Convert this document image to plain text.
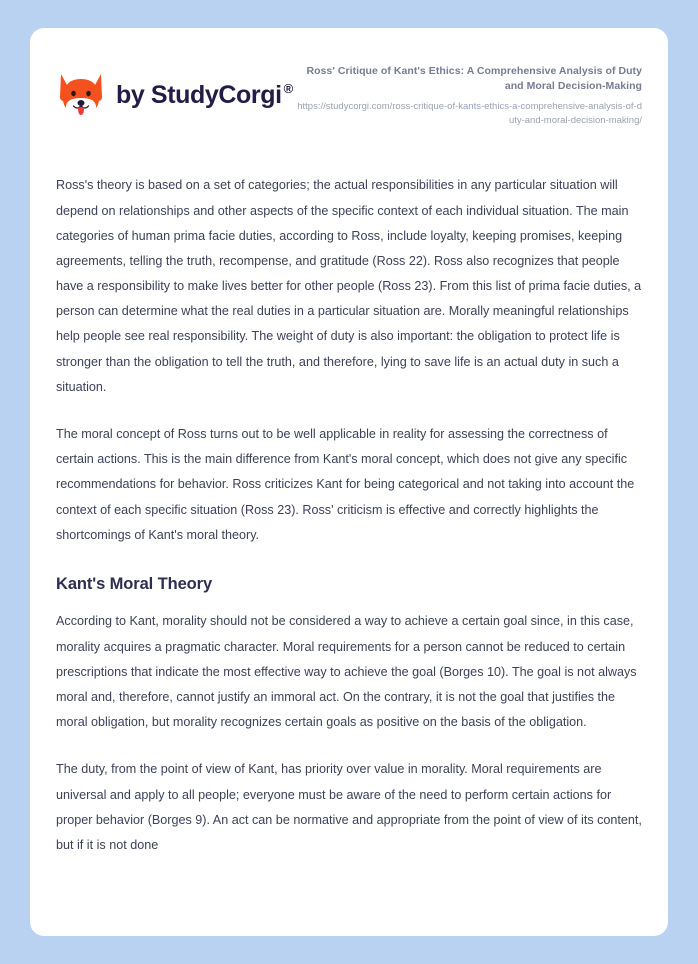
by StudyCorgi ®
Ross' Critique of Kant's Ethics: A Comprehensive Analysis of Duty and Moral Decision-Making
https://studycorgi.com/ross-critique-of-kants-ethics-a-comprehensive-analysis-of-duty-and-moral-decision-making/

Ross's theory is based on a set of categories; the actual responsibilities in any particular situation will depend on relationships and other aspects of the specific context of each individual situation. The main categories of human prima facie duties, according to Ross, include loyalty, keeping promises, keeping agreements, telling the truth, recompense, and gratitude (Ross 22). Ross also recognizes that people have a responsibility to make lives better for other people (Ross 23). From this list of prima facie duties, a person can determine what the real duties in a particular situation are. Morally meaningful relationships help people see real responsibility. The weight of duty is also important: the obligation to protect life is stronger than the obligation to tell the truth, and therefore, lying to save life is an actual duty in such a situation.

The moral concept of Ross turns out to be well applicable in reality for assessing the correctness of certain actions. This is the main difference from Kant's moral concept, which does not give any specific recommendations for behavior. Ross criticizes Kant for being categorical and not taking into account the context of each specific situation (Ross 23). Ross' criticism is effective and correctly highlights the shortcomings of Kant's moral theory.

Kant's Moral Theory

According to Kant, morality should not be considered a way to achieve a certain goal since, in this case, morality acquires a pragmatic character. Moral requirements for a person cannot be reduced to certain prescriptions that indicate the most effective way to achieve the goal (Borges 10). The goal is not always moral and, therefore, cannot justify an immoral act. On the contrary, it is not the goal that justifies the moral obligation, but morality recognizes certain goals as positive on the basis of the obligation.

The duty, from the point of view of Kant, has priority over value in morality. Moral requirements are universal and apply to all people; everyone must be aware of the need to perform certain actions for proper behavior (Borges 9). An act can be normative and appropriate from the point of view of its content, but if it is not done
